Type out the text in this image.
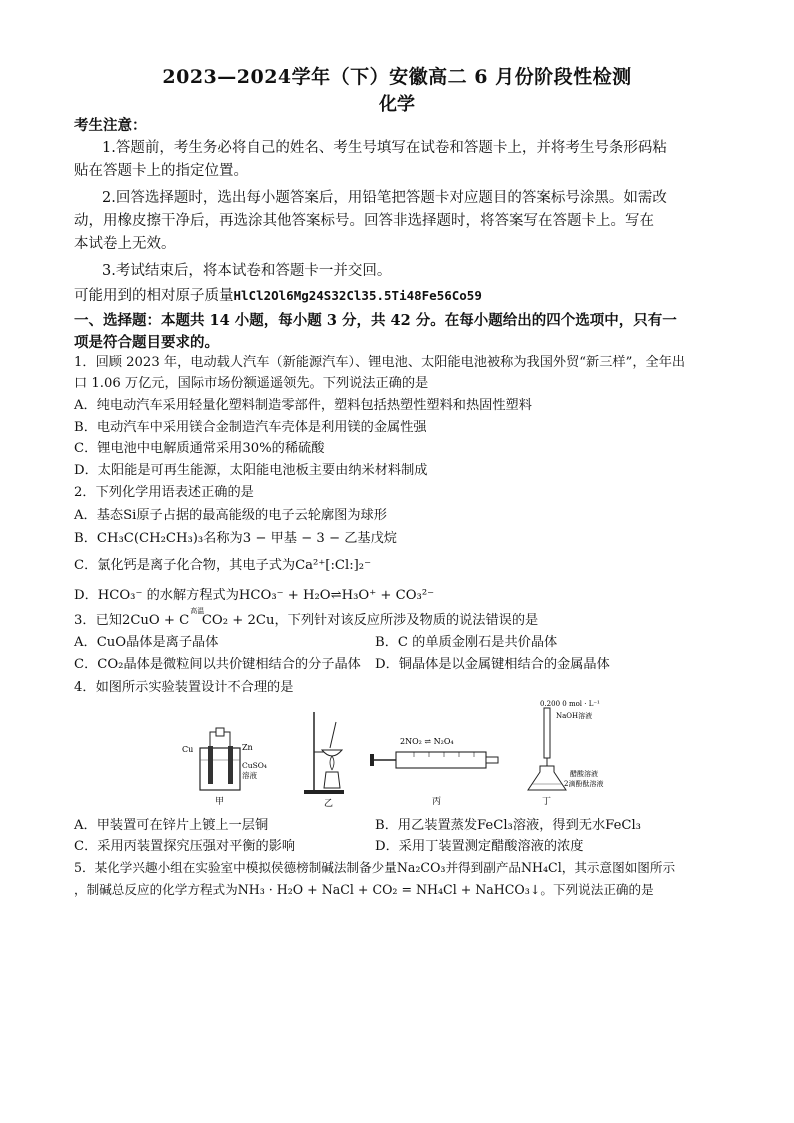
2023—2024学年（下）安徽高二 6 月份阶段性检测
化学
考生注意：
1.答题前，考生务必将自己的姓名、考生号填写在试卷和答题卡上，并将考生号条形码粘
贴在答题卡上的指定位置。
2.回答选择题时，选出每小题答案后，用铅笔把答题卡对应题目的答案标号涂黑。如需改
动，用橡皮擦干净后，再选涂其他答案标号。回答非选择题时，将答案写在答题卡上。写在
本试卷上无效。
3.考试结束后，将本试卷和答题卡一并交回。
可能用到的相对原子质量HlCl2Ol6Mg24S32Cl35.5Ti48Fe56Co59
一、选择题：本题共 14 小题，每小题 3 分，共 42 分。在每小题给出的四个选项中，只有一
项是符合题目要求的。
1．回顾 2023 年，电动载人汽车（新能源汽车）、锂电池、太阳能电池被称为我国外贸“新三样”，全年出
口 1.06 万亿元，国际市场份额遥遥领先。下列说法正确的是
A．纯电动汽车采用轻量化塑料制造零部件，塑料包括热塑性塑料和热固性塑料
B．电动汽车中采用镁合金制造汽车壳体是利用镁的金属性强
C．锂电池中电解质通常采用30%的稀硫酸
D．太阳能是可再生能源，太阳能电池板主要由纳米材料制成
2．下列化学用语表述正确的是
A．基态Si原子占据的最高能级的电子云轮廓图为球形
B．CH₃C(CH₂CH₃)₃名称为3 − 甲基 − 3 − 乙基戊烷
C．氯化钙是离子化合物，其电子式为Ca²⁺[:Cl:]₂⁻
D．HCO₃⁻ 的水解方程式为HCO₃⁻ + H₂O⇌H₃O⁺ + CO₃²⁻
3．已知2CuO + C
高温
CO₂ + 2Cu，下列针对该反应所涉及物质的说法错误的是
A．CuO晶体是离子晶体	B．C 的单质金刚石是共价晶体
C．CO₂晶体是微粒间以共价键相结合的分子晶体	D．铜晶体是以金属键相结合的金属晶体
4．如图所示实验装置设计不合理的是
Cu	Zn
CuSO₄
溶液
甲	乙
2NO₂ ⇌ N₂O₄
丙
0.200 0 mol · L⁻¹
NaOH溶液
醋酸溶液
2滴酚酞溶液
丁
A．甲装置可在锌片上镀上一层铜	B．用乙装置蒸发FeCl₃溶液，得到无水FeCl₃
C．采用丙装置探究压强对平衡的影响	D．采用丁装置测定醋酸溶液的浓度
5．某化学兴趣小组在实验室中模拟侯德榜制碱法制备少量Na₂CO₃并得到副产品NH₄Cl，其示意图如图所示
，制碱总反应的化学方程式为NH₃ · H₂O + NaCl + CO₂ = NH₄Cl + NaHCO₃↓。下列说法正确的是
